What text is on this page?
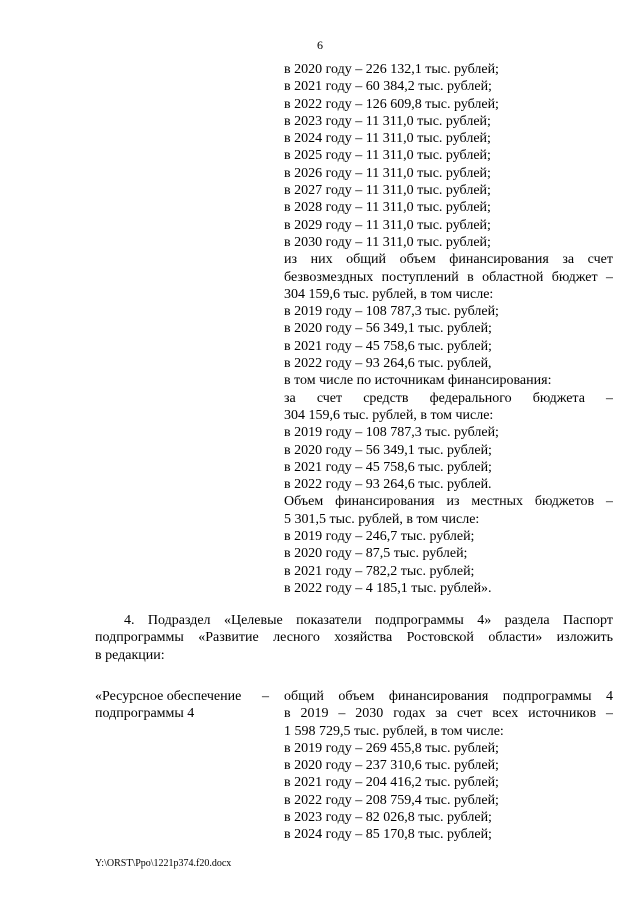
6
в 2020 году – 226 132,1 тыс. рублей;
в 2021 году – 60 384,2 тыс. рублей;
в 2022 году – 126 609,8 тыс. рублей;
в 2023 году – 11 311,0 тыс. рублей;
в 2024 году – 11 311,0 тыс. рублей;
в 2025 году – 11 311,0 тыс. рублей;
в 2026 году – 11 311,0 тыс. рублей;
в 2027 году – 11 311,0 тыс. рублей;
в 2028 году – 11 311,0 тыс. рублей;
в 2029 году – 11 311,0 тыс. рублей;
в 2030 году – 11 311,0 тыс. рублей;
из них общий объем финансирования за счет
безвозмездных поступлений в областной бюджет –
304 159,6 тыс. рублей, в том числе:
в 2019 году – 108 787,3 тыс. рублей;
в 2020 году – 56 349,1 тыс. рублей;
в 2021 году – 45 758,6 тыс. рублей;
в 2022 году – 93 264,6 тыс. рублей,
в том числе по источникам финансирования:
за счет средств федерального бюджета –
304 159,6 тыс. рублей, в том числе:
в 2019 году – 108 787,3 тыс. рублей;
в 2020 году – 56 349,1 тыс. рублей;
в 2021 году – 45 758,6 тыс. рублей;
в 2022 году – 93 264,6 тыс. рублей.
Объем финансирования из местных бюджетов –
5 301,5 тыс. рублей, в том числе:
в 2019 году – 246,7 тыс. рублей;
в 2020 году – 87,5 тыс. рублей;
в 2021 году – 782,2 тыс. рублей;
в 2022 году – 4 185,1 тыс. рублей».
4. Подраздел «Целевые показатели подпрограммы 4» раздела Паспорт
подпрограммы «Развитие лесного хозяйства Ростовской области» изложить
в редакции:
«Ресурсное обеспечение
подпрограммы 4
– общий объем финансирования подпрограммы 4
в 2019 – 2030 годах за счет всех источников –
1 598 729,5 тыс. рублей, в том числе:
в 2019 году – 269 455,8 тыс. рублей;
в 2020 году – 237 310,6 тыс. рублей;
в 2021 году – 204 416,2 тыс. рублей;
в 2022 году – 208 759,4 тыс. рублей;
в 2023 году – 82 026,8 тыс. рублей;
в 2024 году – 85 170,8 тыс. рублей;
Y:\ORST\Ppo\1221p374.f20.docx
